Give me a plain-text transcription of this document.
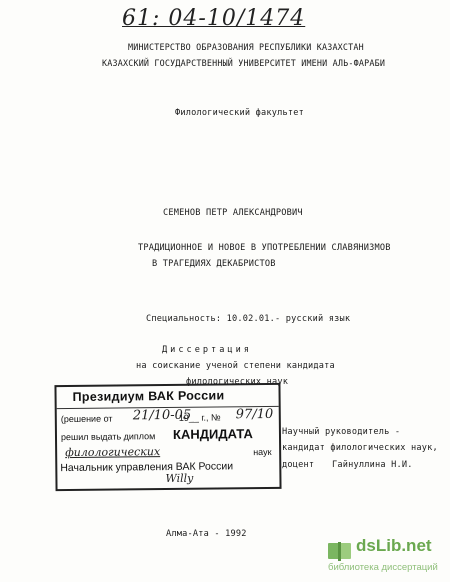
61: 04-10/1474
МИНИСТЕРСТВО ОБРАЗОВАНИЯ РЕСПУБЛИКИ КАЗАХСТАН
КАЗАХСКИЙ ГОСУДАРСТВЕННЫЙ УНИВЕРСИТЕТ ИМЕНИ АЛЬ-ФАРАБИ
Филологический факультет
СЕМЕНОВ ПЕТР АЛЕКСАНДРОВИЧ
ТРАДИЦИОННОЕ И НОВОЕ В УПОТРЕБЛЕНИИ СЛАВЯНИЗМОВ
В ТРАГЕДИЯХ ДЕКАБРИСТОВ
Специальность: 10.02.01.- русский язык
Диссертация
на соискание ученой степени кандидата
филологических наук
Научный руководитель -
кандидат филологических наук,
доцент Гайнуллина Н.И.
Алма-Ата - 1992
Президиум ВАК России
(решение от 21/10-05
19__ г., № 97/10
решил выдать диплом КАНДИДАТА
филологических	наук
Начальник управления ВАК России
Willy
dsLib.net
библиотека диссертаций
